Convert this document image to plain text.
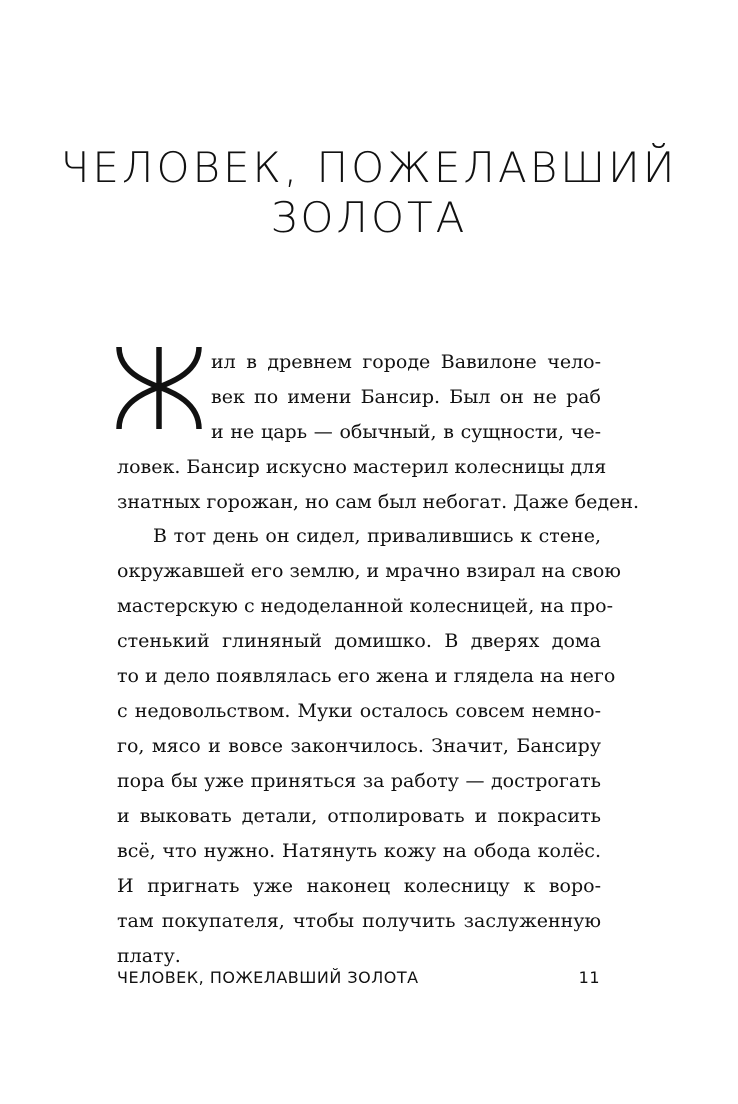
ЧЕЛОВЕК, ПОЖЕЛАВШИЙ
ЗОЛОТА
ил в древнем городе Вавилоне чело-
век по имени Бансир. Был он не раб
и не царь — обычный, в сущности, че-
ловек. Бансир искусно мастерил колесницы для
знатных горожан, но сам был небогат. Даже беден.
В тот день он сидел, привалившись к стене,
окружавшей его землю, и мрачно взирал на свою
мастерскую с недоделанной колесницей, на про-
стенький глиняный домишко. В дверях дома
то и дело появлялась его жена и глядела на него
с недовольством. Муки осталось совсем немно-
го, мясо и вовсе закончилось. Значит, Бансиру
пора бы уже приняться за работу — дострогать
и выковать детали, отполировать и покрасить
всё, что нужно. Натянуть кожу на обода колёс.
И пригнать уже наконец колесницу к воро-
там покупателя, чтобы получить заслуженную
плату.
ЧЕЛОВЕК, ПОЖЕЛАВШИЙ ЗОЛОТА	11
